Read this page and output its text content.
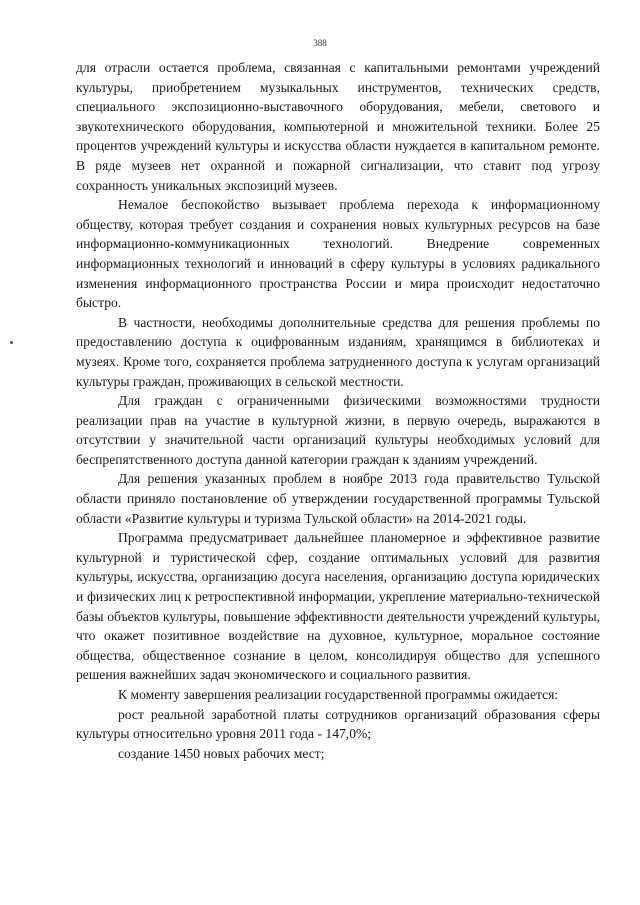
388

для отрасли остается проблема, связанная с капитальными ремонтами учреждений культуры, приобретением музыкальных инструментов, технических средств, специального экспозиционно-выставочного оборудования, мебели, светового и звукотехнического оборудования, компьютерной и множительной техники. Более 25 процентов учреждений культуры и искусства области нуждается в капитальном ремонте. В ряде музеев нет охранной и пожарной сигнализации, что ставит под угрозу сохранность уникальных экспозиций музеев.

Немалое беспокойство вызывает проблема перехода к информационному обществу, которая требует создания и сохранения новых культурных ресурсов на базе информационно-коммуникационных технологий. Внедрение современных информационных технологий и инноваций в сферу культуры в условиях радикального изменения информационного пространства России и мира происходит недостаточно быстро.

В частности, необходимы дополнительные средства для решения проблемы по предоставлению доступа к оцифрованным изданиям, хранящимся в библиотеках и музеях. Кроме того, сохраняется проблема затрудненного доступа к услугам организаций культуры граждан, проживающих в сельской местности.

Для граждан с ограниченными физическими возможностями трудности реализации прав на участие в культурной жизни, в первую очередь, выражаются в отсутствии у значительной части организаций культуры необходимых условий для беспрепятственного доступа данной категории граждан к зданиям учреждений.

Для решения указанных проблем в ноябре 2013 года правительство Тульской области приняло постановление об утверждении государственной программы Тульской области «Развитие культуры и туризма Тульской области» на 2014-2021 годы.

Программа предусматривает дальнейшее планомерное и эффективное развитие культурной и туристической сфер, создание оптимальных условий для развития культуры, искусства, организацию досуга населения, организацию доступа юридических и физических лиц к ретроспективной информации, укрепление материально-технической базы объектов культуры, повышение эффективности деятельности учреждений культуры, что окажет позитивное воздействие на духовное, культурное, моральное состояние общества, общественное сознание в целом, консолидируя общество для успешного решения важнейших задач экономического и социального развития.

К моменту завершения реализации государственной программы ожидается:

рост реальной заработной платы сотрудников организаций образования сферы культуры относительно уровня 2011 года - 147,0%;

создание 1450 новых рабочих мест;
